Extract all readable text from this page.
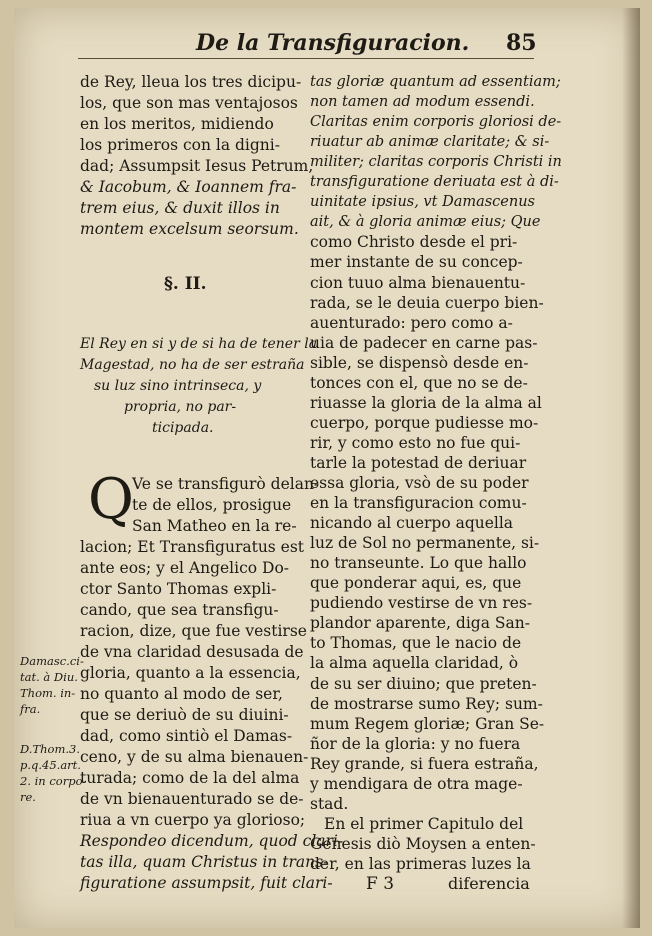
De la Transfiguracion.	85
de Rey, lleua los tres dicipu-
los, que son mas ventajosos
en los meritos, midiendo
los primeros con la digni-
dad; Assumpsit Iesus Petrum,
& Iacobum, & Ioannem fra-
trem eius, & duxit illos in
montem excelsum seorsum.
§. II.
El Rey en si y de si ha de tener la
Magestad, no ha de ser estraña
su luz sino intrinseca, y
propria, no par-
ticipada.
Ve se transfigurò delan-
te de ellos, prosigue
San Matheo en la re-
lacion; Et Transfiguratus est
ante eos; y el Angelico Do-
ctor Santo Thomas expli-
cando, que sea transfigu-
racion, dize, que fue vestirse
de vna claridad desusada de
gloria, quanto a la essencia,
no quanto al modo de ser,
que se deriuò de su diuini-
dad, como sintiò el Damas-
ceno, y de su alma bienauen-
turada; como de la del alma
de vn bienauenturado se de-
riua a vn cuerpo ya glorioso;
Respondeo dicendum, quod clari-
tas illa, quam Christus in trans-
figuratione assumpsit, fuit clari-
Q
Damasc.ci-
tat. à Diu.
Thom. in-
fra.
D.Thom.3.
p.q.45.art.
2. in corpo-
re.
tas gloriæ quantum ad essentiam;
non tamen ad modum essendi.
Claritas enim corporis gloriosi de-
riuatur ab animæ claritate; & si-
militer; claritas corporis Christi in
transfiguratione deriuata est à di-
uinitate ipsius, vt Damascenus
ait, & à gloria animæ eius; Que
como Christo desde el pri-
mer instante de su concep-
cion tuuo alma bienauentu-
rada, se le deuia cuerpo bien-
auenturado: pero como a-
uia de padecer en carne pas-
sible, se dispensò desde en-
tonces con el, que no se de-
riuasse la gloria de la alma al
cuerpo, porque pudiesse mo-
rir, y como esto no fue qui-
tarle la potestad de deriuar
essa gloria, vsò de su poder
en la transfiguracion comu-
nicando al cuerpo aquella
luz de Sol no permanente, si-
no transeunte. Lo que hallo
que ponderar aqui, es, que
pudiendo vestirse de vn res-
plandor aparente, diga San-
to Thomas, que le nacio de
la alma aquella claridad, ò
de su ser diuino; que preten-
de mostrarse sumo Rey; sum-
mum Regem gloriæ; Gran Se-
ñor de la gloria: y no fuera
Rey grande, si fuera estraña,
y mendigara de otra mage-
stad.
En el primer Capitulo del
Genesis diò Moysen a enten-
der, en las primeras luzes la
F 3	diferencia
